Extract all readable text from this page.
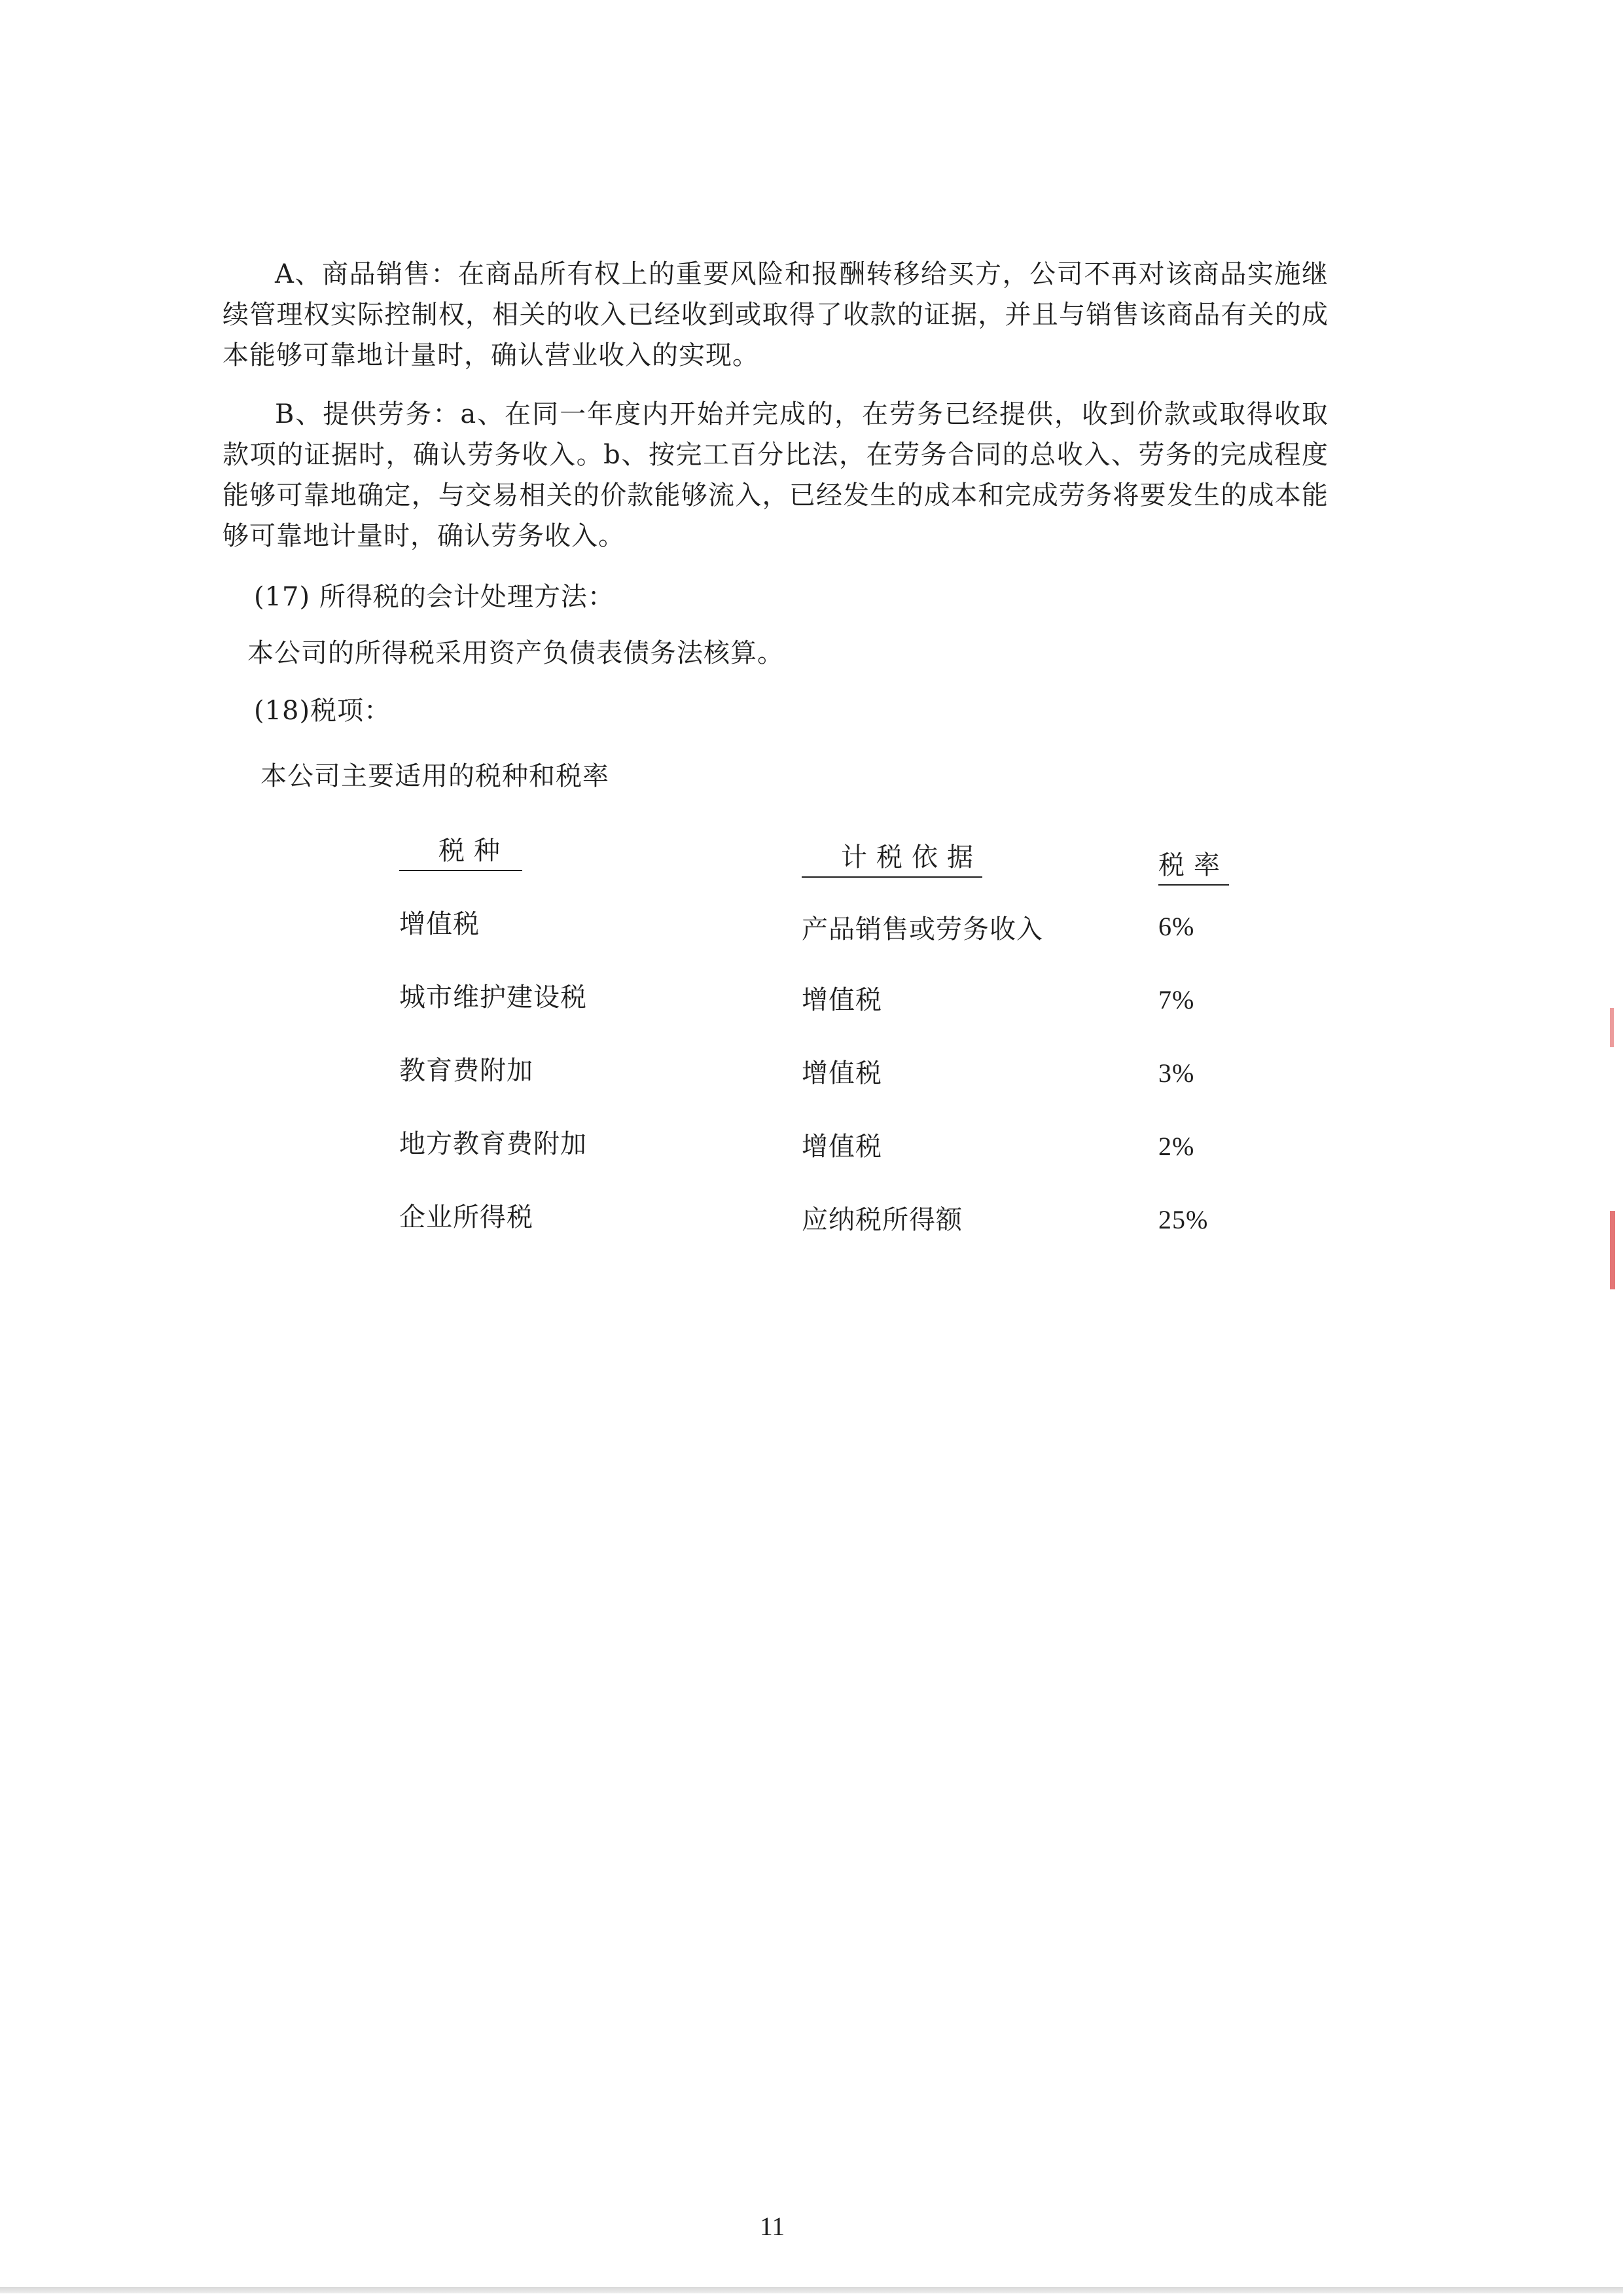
A、商品销售：在商品所有权上的重要风险和报酬转移给买方，公司不再对该商品实施继续管理权实际控制权，相关的收入已经收到或取得了收款的证据，并且与销售该商品有关的成本能够可靠地计量时，确认营业收入的实现。

B、提供劳务：a、在同一年度内开始并完成的，在劳务已经提供，收到价款或取得收取款项的证据时，确认劳务收入。b、按完工百分比法，在劳务合同的总收入、劳务的完成程度能够可靠地确定，与交易相关的价款能够流入，已经发生的成本和完成劳务将要发生的成本能够可靠地计量时，确认劳务收入。

(17) 所得税的会计处理方法：

本公司的所得税采用资产负债表债务法核算。

(18)税项：

本公司主要适用的税种和税率

税种	计税依据	税率
增值税	产品销售或劳务收入	6%
城市维护建设税	增值税	7%
教育费附加	增值税	3%
地方教育费附加	增值税	2%
企业所得税	应纳税所得额	25%
11
